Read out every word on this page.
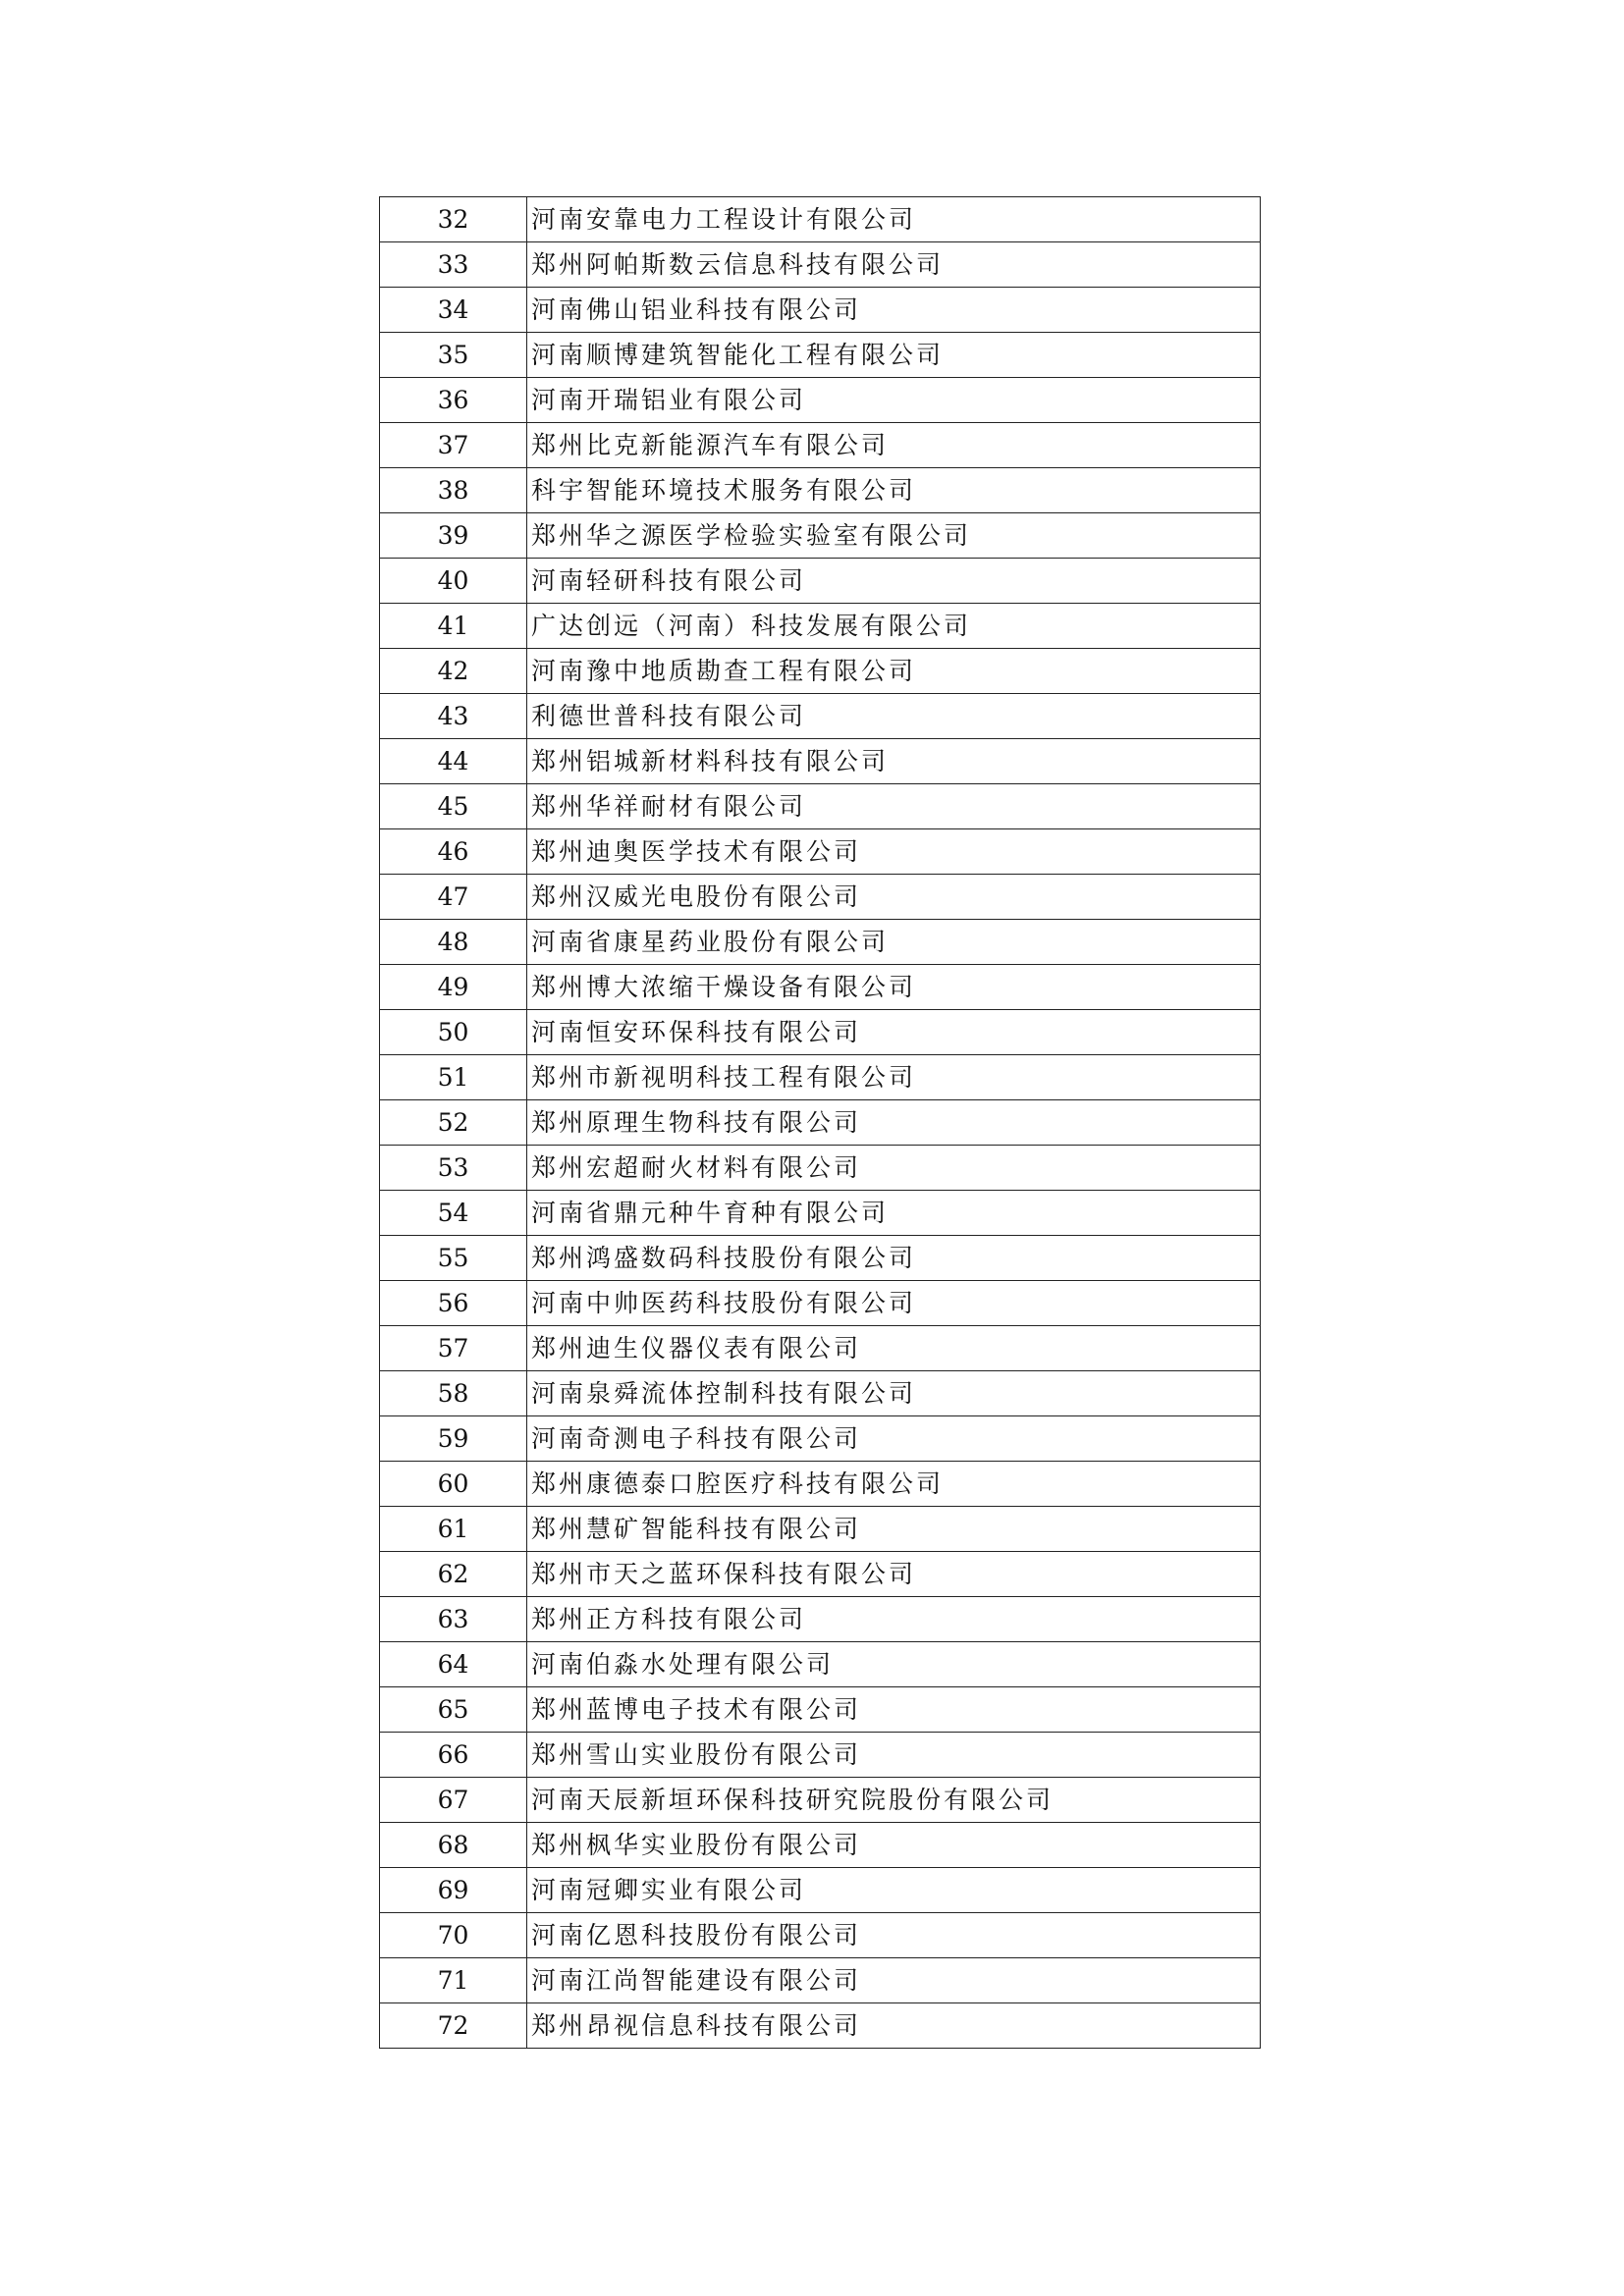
32	河南安靠电力工程设计有限公司
33	郑州阿帕斯数云信息科技有限公司
34	河南佛山铝业科技有限公司
35	河南顺博建筑智能化工程有限公司
36	河南开瑞铝业有限公司
37	郑州比克新能源汽车有限公司
38	科宇智能环境技术服务有限公司
39	郑州华之源医学检验实验室有限公司
40	河南轻研科技有限公司
41	广达创远（河南）科技发展有限公司
42	河南豫中地质勘查工程有限公司
43	利德世普科技有限公司
44	郑州铝城新材料科技有限公司
45	郑州华祥耐材有限公司
46	郑州迪奥医学技术有限公司
47	郑州汉威光电股份有限公司
48	河南省康星药业股份有限公司
49	郑州博大浓缩干燥设备有限公司
50	河南恒安环保科技有限公司
51	郑州市新视明科技工程有限公司
52	郑州原理生物科技有限公司
53	郑州宏超耐火材料有限公司
54	河南省鼎元种牛育种有限公司
55	郑州鸿盛数码科技股份有限公司
56	河南中帅医药科技股份有限公司
57	郑州迪生仪器仪表有限公司
58	河南泉舜流体控制科技有限公司
59	河南奇测电子科技有限公司
60	郑州康德泰口腔医疗科技有限公司
61	郑州慧矿智能科技有限公司
62	郑州市天之蓝环保科技有限公司
63	郑州正方科技有限公司
64	河南伯淼水处理有限公司
65	郑州蓝博电子技术有限公司
66	郑州雪山实业股份有限公司
67	河南天辰新垣环保科技研究院股份有限公司
68	郑州枫华实业股份有限公司
69	河南冠卿实业有限公司
70	河南亿恩科技股份有限公司
71	河南江尚智能建设有限公司
72	郑州昂视信息科技有限公司
